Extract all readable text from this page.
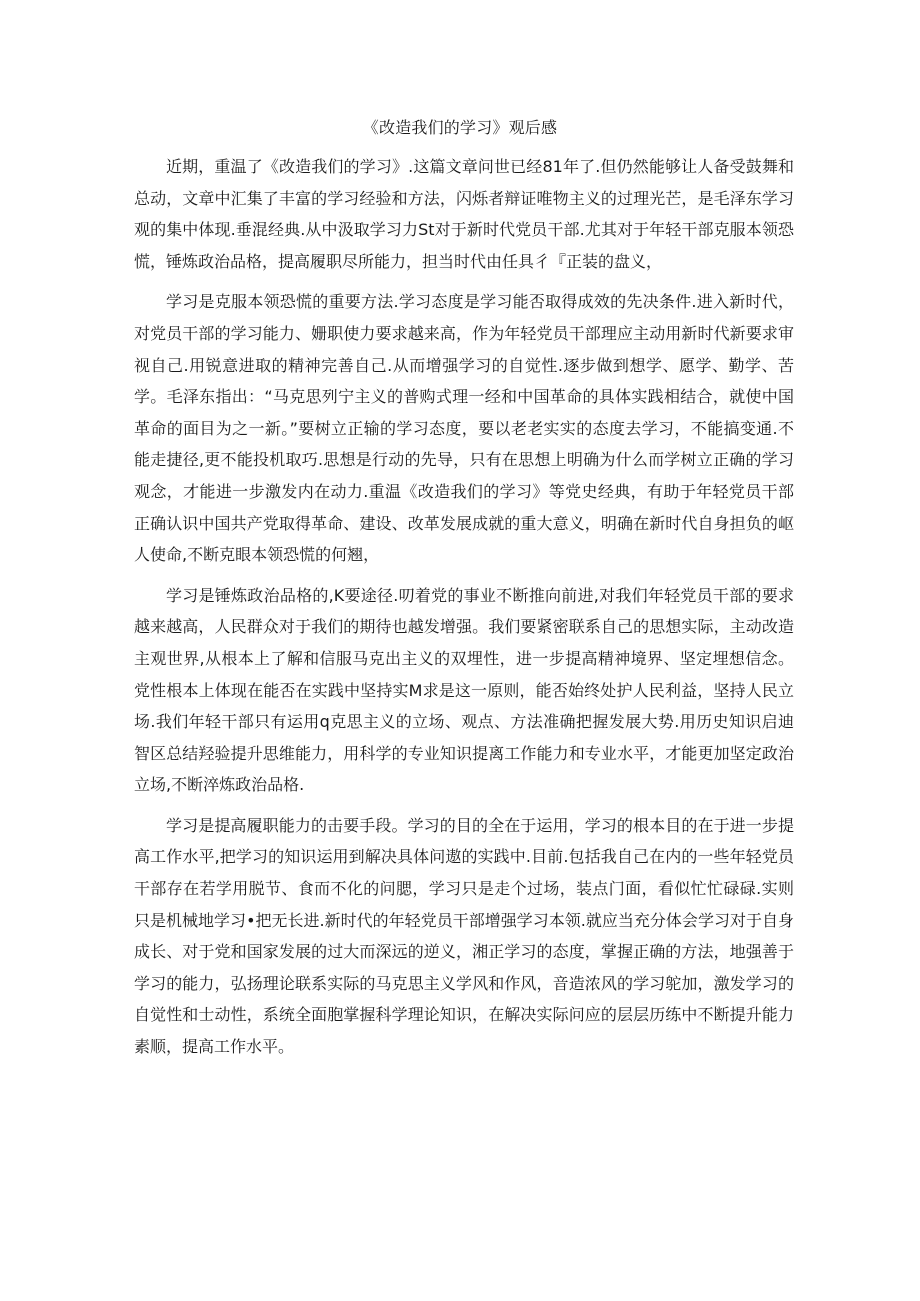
《改造我们的学习》观后感

近期，重温了《改造我们的学习》.这篇文章问世已经81年了.但仍然能够让人备受鼓舞和总动，文章中汇集了丰富的学习经验和方法，闪烁者辩证唯物主义的过理光芒，是毛泽东学习观的集中体现.垂混经典.从中汲取学习力St对于新时代党员干部.尤其对于年轻干部克服本领恐慌，锤炼政治品格，提高履职尽所能力，担当时代由任具彳『正装的盘义，

学习是克服本领恐慌的重要方法.学习态度是学习能否取得成效的先决条件.进入新时代，对党员干部的学习能力、姗职使力要求越来高，作为年轻党员干部理应主动用新时代新要求审视自己.用锐意进取的精神完善自己.从而增强学习的自觉性.逐步做到想学、愿学、勤学、苦学。毛泽东指出：“马克思列宁主义的普购式理一经和中国革命的具体实践相结合，就使中国革命的面目为之一新。”要树立正输的学习态度，要以老老实实的态度去学习，不能搞变通.不能走捷径,更不能投机取巧.思想是行动的先导，只有在思想上明确为什么而学树立正确的学习观念，才能进一步激发内在动力.重温《改造我们的学习》等党史经典，有助于年轻党员干部正确认识中国共产党取得革命、建设、改革发展成就的重大意义，明确在新时代自身担负的岖人使命,不断克眼本领恐慌的何翘，

学习是锤炼政治品格的,K要途径.叨着党的事业不断推向前进,对我们年轻党员干部的要求越来越高，人民群众对于我们的期待也越发增强。我们要紧密联系自己的思想实际，主动改造主观世界,从根本上了解和信服马克出主义的双埋性，进一步提高精神境界、坚定埋想信念。党性根本上体现在能否在实践中坚持实M求是这一原则，能否始终处护人民利益，坚持人民立场.我们年轻干部只有运用q克思主义的立场、观点、方法准确把握发展大势.用历史知识启迪智区总结羟验提升思维能力，用科学的专业知识提离工作能力和专业水平，才能更加坚定政治立场,不断淬炼政治品格.

学习是提高履职能力的击要手段。学习的目的全在于运用，学习的根本目的在于进一步提高工作水平,把学习的知识运用到解决具体问遨的实践中.目前.包括我自己在内的一些年轻党员干部存在若学用脱节、食而不化的问腮，学习只是走个过场，装点门面，看似忙忙碌碌.实则只是机械地学习•把无长进.新时代的年轻党员干部增强学习本领.就应当充分体会学习对于自身成长、对于党和国家发展的过大而深远的逆义，湘正学习的态度，掌握正确的方法，地强善于学习的能力，弘扬理论联系实际的马克思主义学风和作风，音造浓风的学习鸵加，激发学习的自觉性和士动性，系统全面胞掌握科学理论知识，在解决实际问应的层层历练中不断提升能力素顺，提高工作水平。
